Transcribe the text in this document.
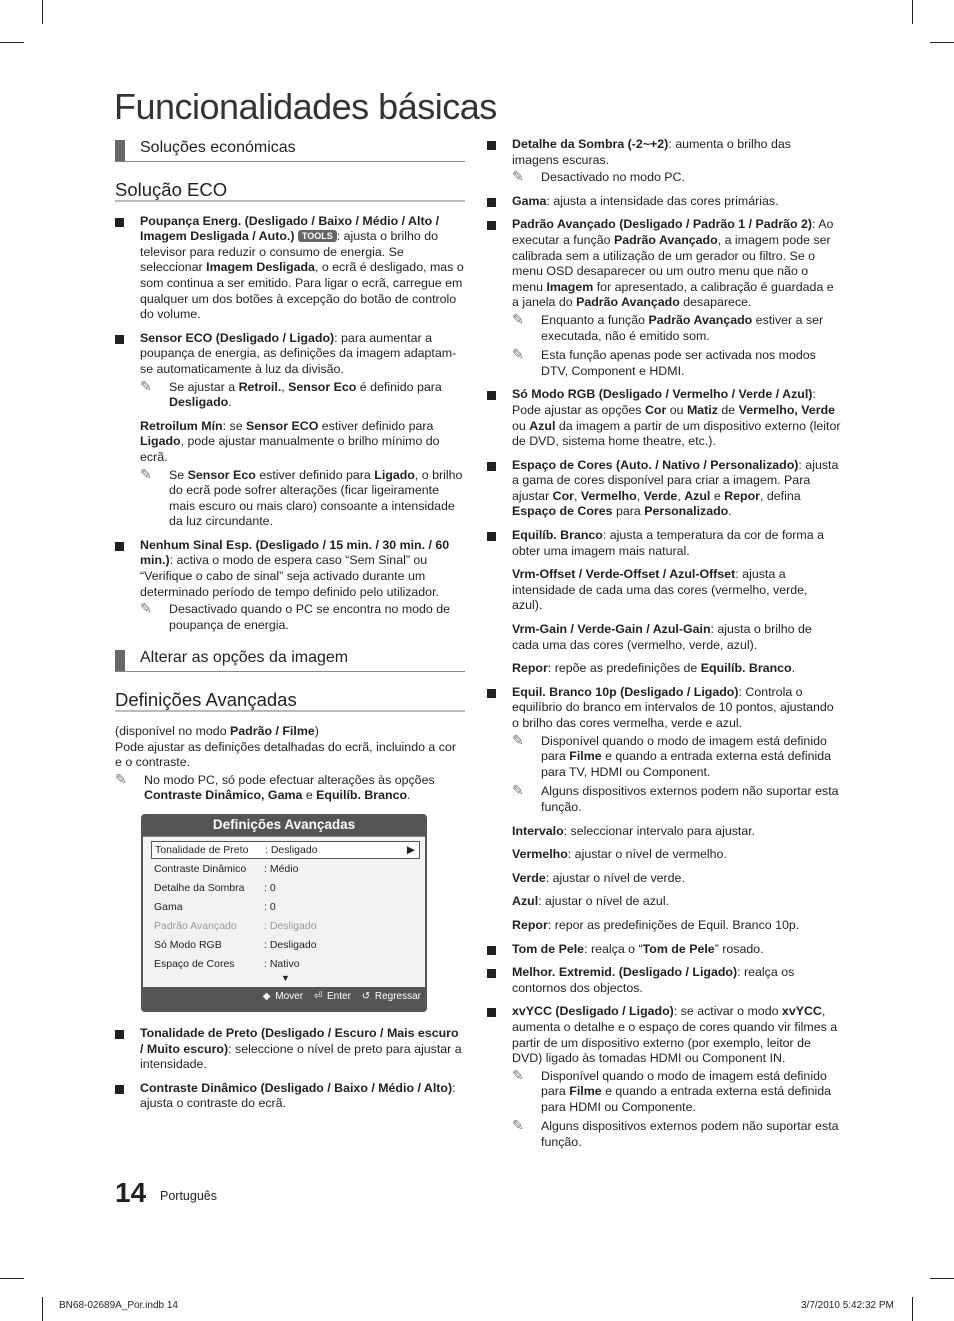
Funcionalidades básicas
Soluções económicas
Solução ECO
Poupança Energ. (Desligado / Baixo / Médio / Alto / Imagem Desligada / Auto.) TOOLS : ajusta o brilho do televisor para reduzir o consumo de energia. Se seleccionar Imagem Desligada, o ecrã é desligado, mas o som continua a ser emitido. Para ligar o ecrã, carregue em qualquer um dos botões à excepção do botão de controlo do volume.
Sensor ECO (Desligado / Ligado): para aumentar a poupança de energia, as definições da imagem adaptam-se automaticamente à luz da divisão.
✎ Se ajustar a Retroil., Sensor Eco é definido para Desligado.
Retroilum Mín: se Sensor ECO estiver definido para Ligado, pode ajustar manualmente o brilho mínimo do ecrã.
✎ Se Sensor Eco estiver definido para Ligado, o brilho do ecrã pode sofrer alterações (ficar ligeiramente mais escuro ou mais claro) consoante a intensidade da luz circundante.
Nenhum Sinal Esp. (Desligado / 15 min. / 30 min. / 60 min.): activa o modo de espera caso “Sem Sinal” ou “Verifique o cabo de sinal” seja activado durante um determinado período de tempo definido pelo utilizador.
✎ Desactivado quando o PC se encontra no modo de poupança de energia.
Alterar as opções da imagem
Definições Avançadas
(disponível no modo Padrão / Filme)
Pode ajustar as definições detalhadas do ecrã, incluindo a cor e o contraste.
✎ No modo PC, só pode efectuar alterações às opções Contraste Dinâmico, Gama e Equilíb. Branco.
Definições Avançadas
Tonalidade de Preto : Desligado	▶
Contraste Dinâmico : Médio
Detalhe da Sombra : 0
Gama	: 0
Padrão Avançado	: Desligado
Só Modo RGB	: Desligado
Espaço de Cores	: Nativo
▼
◆ Mover ⏎ Enter ↺ Regressar
Tonalidade de Preto (Desligado / Escuro / Mais escuro / Muito escuro): seleccione o nível de preto para ajustar a intensidade.
Contraste Dinâmico (Desligado / Baixo / Médio / Alto): ajusta o contraste do ecrã.
Detalhe da Sombra (-2~+2): aumenta o brilho das imagens escuras.
✎ Desactivado no modo PC.
Gama: ajusta a intensidade das cores primárias.
Padrão Avançado (Desligado / Padrão 1 / Padrão 2): Ao executar a função Padrão Avançado, a imagem pode ser calibrada sem a utilização de um gerador ou filtro. Se o menu OSD desaparecer ou um outro menu que não o menu Imagem for apresentado, a calibração é guardada e a janela do Padrão Avançado desaparece.
✎ Enquanto a função Padrão Avançado estiver a ser executada, não é emitido som.
✎ Esta função apenas pode ser activada nos modos DTV, Component e HDMI.
Só Modo RGB (Desligado / Vermelho / Verde / Azul): Pode ajustar as opções Cor ou Matiz de Vermelho, Verde ou Azul da imagem a partir de um dispositivo externo (leitor de DVD, sistema home theatre, etc.).
Espaço de Cores (Auto. / Nativo / Personalizado): ajusta a gama de cores disponível para criar a imagem. Para ajustar Cor, Vermelho, Verde, Azul e Repor, defina Espaço de Cores para Personalizado.
Equilíb. Branco: ajusta a temperatura da cor de forma a obter uma imagem mais natural.
Vrm-Offset / Verde-Offset / Azul-Offset: ajusta a intensidade de cada uma das cores (vermelho, verde, azul).
Vrm-Gain / Verde-Gain / Azul-Gain: ajusta o brilho de cada uma das cores (vermelho, verde, azul).
Repor: repõe as predefinições de Equilíb. Branco.
Equil. Branco 10p (Desligado / Ligado): Controla o equilíbrio do branco em intervalos de 10 pontos, ajustando o brilho das cores vermelha, verde e azul.
✎ Disponível quando o modo de imagem está definido para Filme e quando a entrada externa está definida para TV, HDMI ou Component.
✎ Alguns dispositivos externos podem não suportar esta função.
Intervalo: seleccionar intervalo para ajustar.
Vermelho: ajustar o nível de vermelho.
Verde: ajustar o nível de verde.
Azul: ajustar o nível de azul.
Repor: repor as predefinições de Equil. Branco 10p.
Tom de Pele: realça o “Tom de Pele” rosado.
Melhor. Extremid. (Desligado / Ligado): realça os contornos dos objectos.
xvYCC (Desligado / Ligado): se activar o modo xvYCC, aumenta o detalhe e o espaço de cores quando vir filmes a partir de um dispositivo externo (por exemplo, leitor de DVD) ligado às tomadas HDMI ou Component IN.
✎ Disponível quando o modo de imagem está definido para Filme e quando a entrada externa está definida para HDMI ou Componente.
✎ Alguns dispositivos externos podem não suportar esta função.
14 Português
BN68-02689A_Por.indb 14	3/7/2010 5:42:32 PM
